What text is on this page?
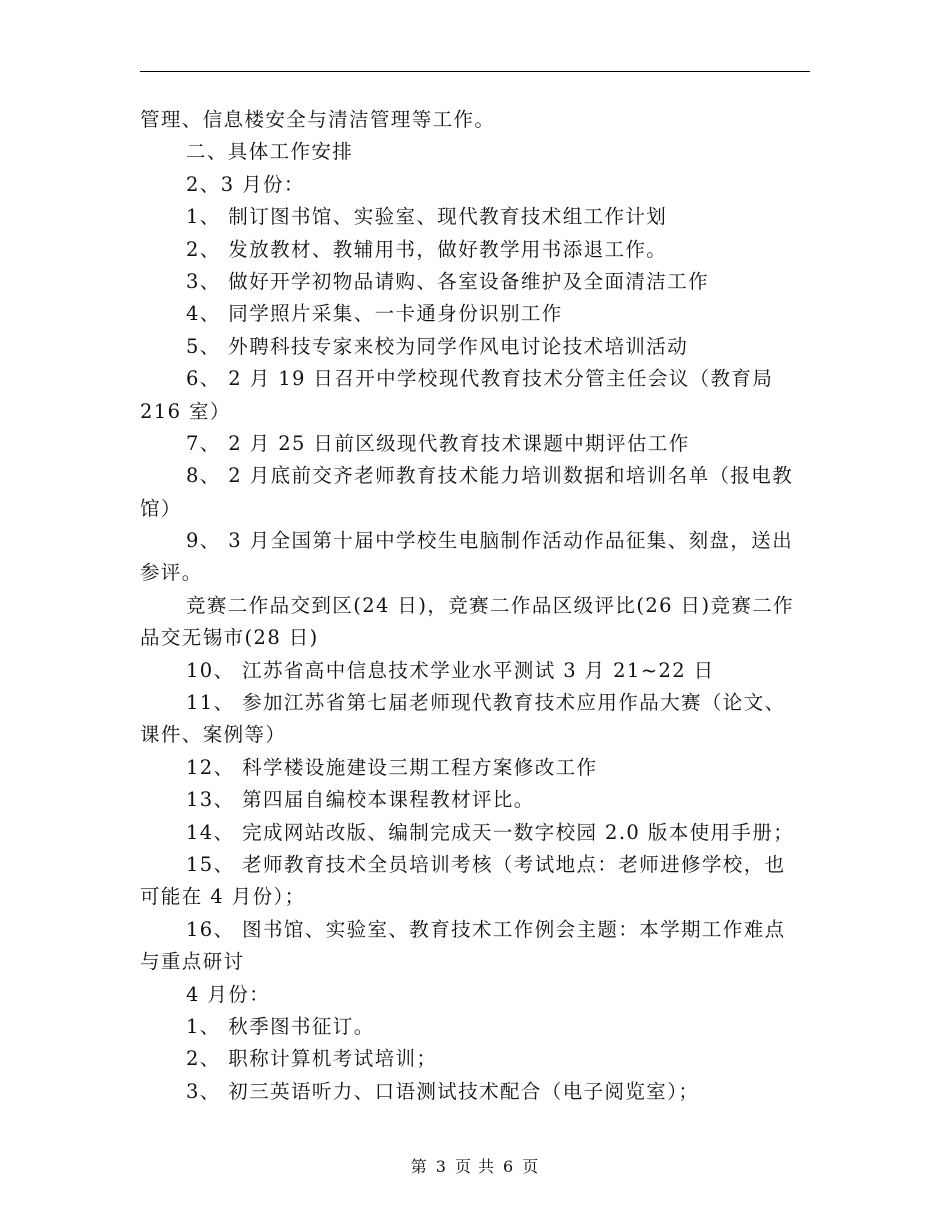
管理、信息楼安全与清洁管理等工作。
二、具体工作安排
2、3 月份：
1、 制订图书馆、实验室、现代教育技术组工作计划
2、 发放教材、教辅用书，做好教学用书添退工作。
3、 做好开学初物品请购、各室设备维护及全面清洁工作
4、 同学照片采集、一卡通身份识别工作
5、 外聘科技专家来校为同学作风电讨论技术培训活动
6、 2 月 19 日召开中学校现代教育技术分管主任会议（教育局
216 室）
7、 2 月 25 日前区级现代教育技术课题中期评估工作
8、 2 月底前交齐老师教育技术能力培训数据和培训名单（报电教
馆）
9、 3 月全国第十届中学校生电脑制作活动作品征集、刻盘，送出
参评。
竞赛二作品交到区(24 日)，竞赛二作品区级评比(26 日)竞赛二作
品交无锡市(28 日)
10、 江苏省高中信息技术学业水平测试 3 月 21~22 日
11、 参加江苏省第七届老师现代教育技术应用作品大赛（论文、
课件、案例等）
12、 科学楼设施建设三期工程方案修改工作
13、 第四届自编校本课程教材评比。
14、 完成网站改版、编制完成天一数字校园 2.0 版本使用手册；
15、 老师教育技术全员培训考核（考试地点：老师进修学校，也
可能在 4 月份）；
16、 图书馆、实验室、教育技术工作例会主题：本学期工作难点
与重点研讨
4 月份：
1、 秋季图书征订。
2、 职称计算机考试培训；
3、 初三英语听力、口语测试技术配合（电子阅览室）；
第 3 页 共 6 页
